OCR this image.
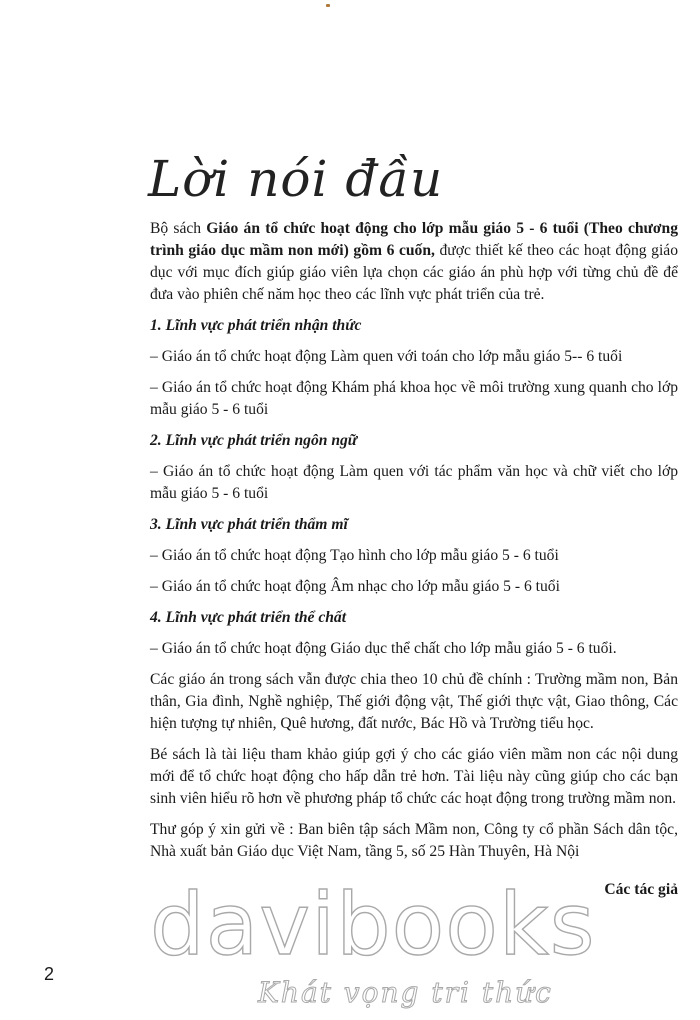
Lời nói đầu

Bộ sách Giáo án tổ chức hoạt động cho lớp mẫu giáo 5 - 6 tuổi (Theo chương trình giáo dục mầm non mới) gồm 6 cuốn, được thiết kế theo các hoạt động giáo dục với mục đích giúp giáo viên lựa chọn các giáo án phù hợp với từng chủ đề để đưa vào phiên chế năm học theo các lĩnh vực phát triển của trẻ.

1. Lĩnh vực phát triển nhận thức

– Giáo án tổ chức hoạt động Làm quen với toán cho lớp mẫu giáo 5-- 6 tuổi

– Giáo án tổ chức hoạt động Khám phá khoa học về môi trường xung quanh cho lớp mẫu giáo 5 - 6 tuổi

2. Lĩnh vực phát triển ngôn ngữ

– Giáo án tổ chức hoạt động Làm quen với tác phẩm văn học và chữ viết cho lớp mẫu giáo 5 - 6 tuổi

3. Lĩnh vực phát triển thẩm mĩ

– Giáo án tổ chức hoạt động Tạo hình cho lớp mẫu giáo 5 - 6 tuổi

– Giáo án tổ chức hoạt động Âm nhạc cho lớp mẫu giáo 5 - 6 tuổi

4. Lĩnh vực phát triển thể chất

– Giáo án tổ chức hoạt động Giáo dục thể chất cho lớp mẫu giáo 5 - 6 tuổi.

Các giáo án trong sách vẫn được chia theo 10 chủ đề chính : Trường mầm non, Bản thân, Gia đình, Nghề nghiệp, Thế giới động vật, Thế giới thực vật, Giao thông, Các hiện tượng tự nhiên, Quê hương, đất nước, Bác Hồ và Trường tiểu học.

Bé sách là tài liệu tham khảo giúp gợi ý cho các giáo viên mầm non các nội dung mới để tổ chức hoạt động cho hấp dẫn trẻ hơn. Tài liệu này cũng giúp cho các bạn sinh viên hiểu rõ hơn về phương pháp tổ chức các hoạt động trong trường mầm non.

Thư góp ý xin gửi về : Ban biên tập sách Mầm non, Công ty cổ phần Sách dân tộc, Nhà xuất bản Giáo dục Việt Nam, tầng 5, số 25 Hàn Thuyên, Hà Nội

Các tác giả

davibooks
Khát vọng tri thức
2
